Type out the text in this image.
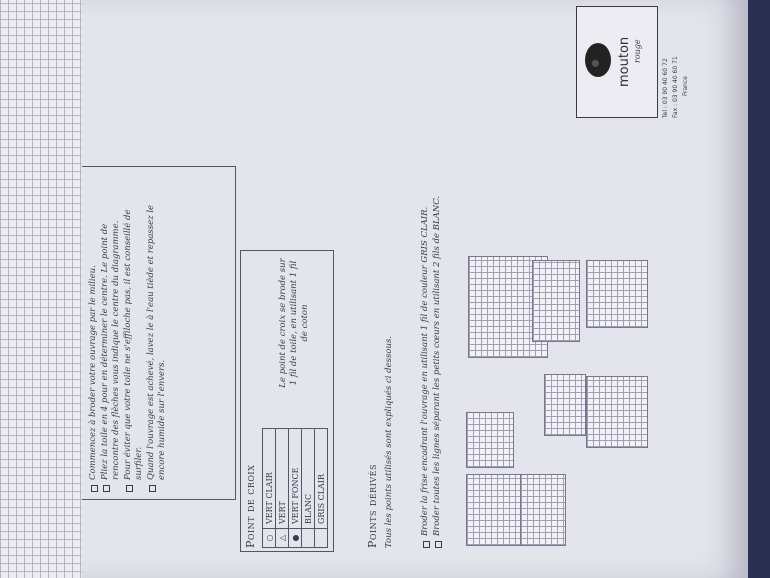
Commencez à broder votre ouvrage par le milieu. Pliez la toile en 4 pour en déterminer le centre. Le point de rencontre des flèches vous indique le centre du diagramme. Pour éviter que votre toile ne s'effiloche pas, il est conseillé de surfiler. Quand l'ouvrage est achevé, lavez le à l'eau tiède et repassez le encore humide sur l'envers.
mouton rouge
Tel : 03 90 40 60 72 Fax : 03 90 40 60 71 France
Point de croix ○	VERT CLAIR
△	VERT
●	VERT FONCE
	BLANC
	GRIS CLAIR
Le point de croix se brode sur 1 fil de toile, en utilisant 1 fil de coton
Points dérivés Tous les points utilisés sont expliqués ci dessous.	Broder la frise encadrant l'ouvrage en utilisant 1 fil de couleur GRIS CLAIR. Broder toutes les lignes séparant les petits cœurs en utilisant 2 fils de BLANC.
